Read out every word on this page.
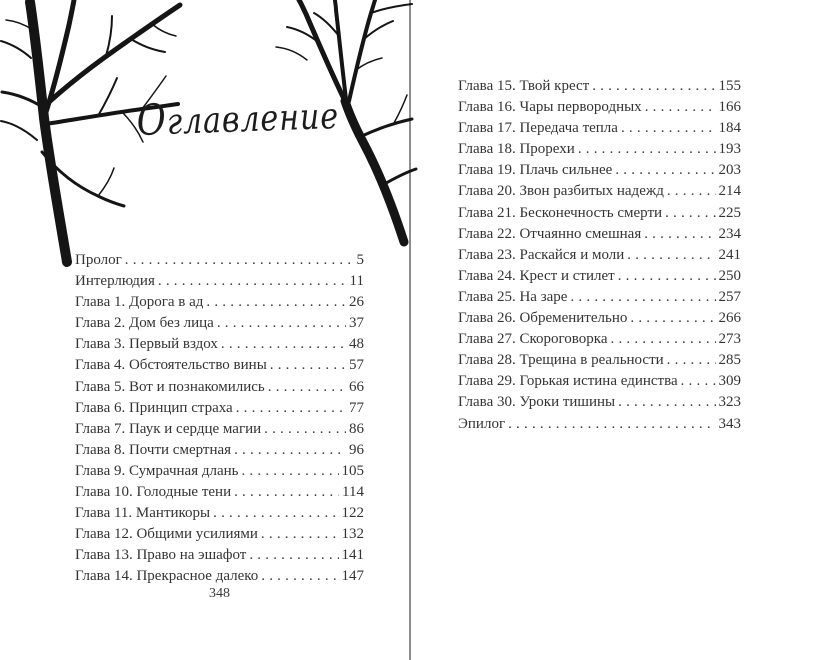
Оглавление
Пролог .....	5
Интерлюдия .....	11
Глава 1. Дорога в ад .....	26
Глава 2. Дом без лица .....	37
Глава 3. Первый вздох .....	48
Глава 4. Обстоятельство вины .....	57
Глава 5. Вот и познакомились .....	66
Глава 6. Принцип страха .....	77
Глава 7. Паук и сердце магии .....	86
Глава 8. Почти смертная .....	96
Глава 9. Сумрачная длань .....	105
Глава 10. Голодные тени .....	114
Глава 11. Мантикоры .....	122
Глава 12. Общими усилиями .....	132
Глава 13. Право на эшафот .....	141
Глава 14. Прекрасное далеко .....	147
Глава 15. Твой крест .....	155
Глава 16. Чары первородных .....	166
Глава 17. Передача тепла .....	184
Глава 18. Прорехи .....	193
Глава 19. Плачь сильнее .....	203
Глава 20. Звон разбитых надежд .....	214
Глава 21. Бесконечность смерти .....	225
Глава 22. Отчаянно смешная .....	234
Глава 23. Раскайся и моли .....	241
Глава 24. Крест и стилет .....	250
Глава 25. На заре .....	257
Глава 26. Обременительно .....	266
Глава 27. Скороговорка .....	273
Глава 28. Трещина в реальности .....	285
Глава 29. Горькая истина единства .....	309
Глава 30. Уроки тишины .....	323
Эпилог .....	343
348
